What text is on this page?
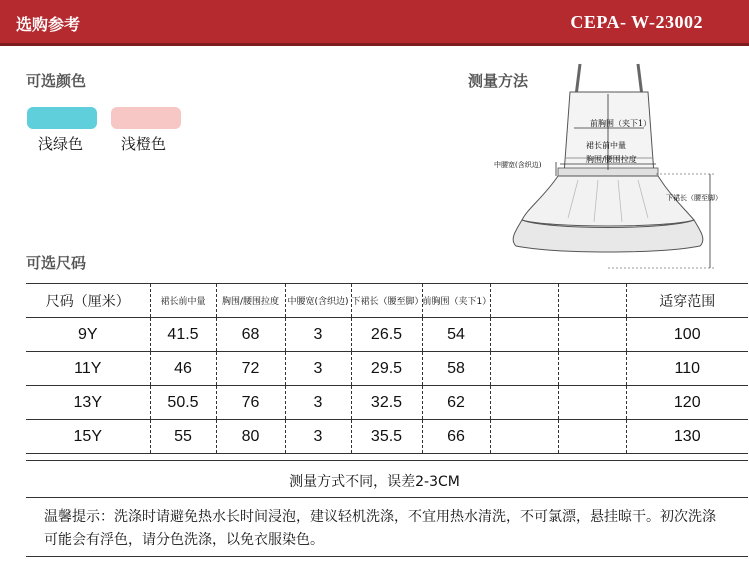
选购参考	CEPA- W-23002
可选颜色
浅绿色	浅橙色
测量方法
前胸围（夹下1）
裙长前中量
中腰宽(含织边)
胸围/腰围拉度
下裙长（腰至脚）
可选尺码
尺码（厘米）	裙长前中量	胸围/腰围拉度	中腰宽(含织边)	下裙长（腰至脚）	前胸围（夹下1）			适穿范围
9Y	41.5	68	3	26.5	54			100
11Y	46	72	3	29.5	58			110
13Y	50.5	76	3	32.5	62			120
15Y	55	80	3	35.5	66			130
测量方式不同，误差2-3CM
温馨提示：洗涤时请避免热水长时间浸泡，建议轻机洗涤，不宜用热水清洗，不可氯漂，悬挂晾干。初次洗涤可能会有浮色，请分色洗涤，以免衣服染色。
